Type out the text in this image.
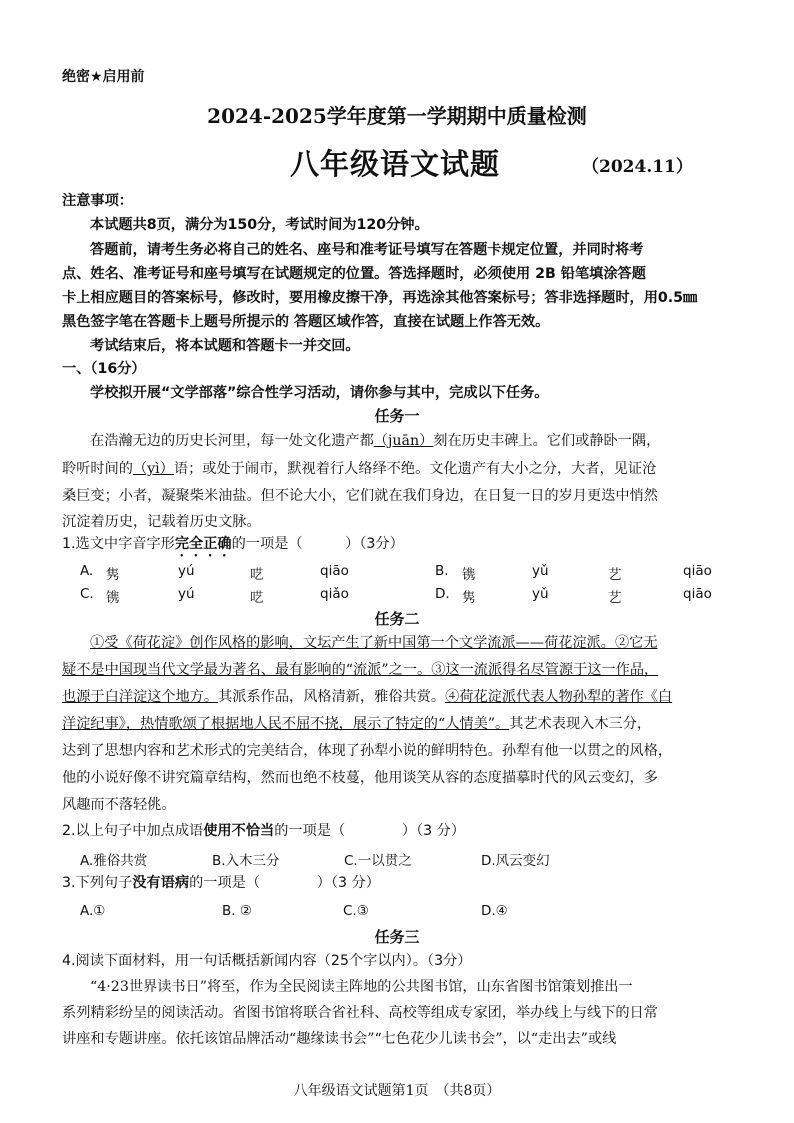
绝密★启用前
2024-2025学年度第一学期期中质量检测
八年级语文试题	（2024.11）
注意事项：
本试题共8页，满分为150分，考试时间为120分钟。
答题前，请考生务必将自己的姓名、座号和准考证号填写在答题卡规定位置，并同时将考
点、姓名、准考证号和座号填写在试题规定的位置。答选择题时，必须使用 2B 铅笔填涂答题
卡上相应题目的答案标号，修改时，要用橡皮擦干净，再选涂其他答案标号；答非选择题时，用0.5㎜
黑色签字笔在答题卡上题号所提示的 答题区域作答，直接在试题上作答无效。
考试结束后，将本试题和答题卡一并交回。
一、（16分）
学校拟开展“文学部落”综合性学习活动，请你参与其中，完成以下任务。
任务一
在浩瀚无边的历史长河里，每一处文化遗产都（juān）刻在历史丰碑上。它们或静卧一隅，
聆听时间的（yì）语；或处于闹市，默视着行人络绎不绝。文化遗产有大小之分，大者，见证沧
桑巨变；小者，凝聚柴米油盐。但不论大小，它们就在我们身边，在日复一日的岁月更迭中悄然
沉淀着历史，记载着历史文脉。
1.选文中字音字形完全正确的一项是（　　　）（3分）
A. 隽	yú	呓	qiāo	B. 镌	yǔ	艺	qiāo
C. 镌	yú	呓	qiǎo	D. 隽	yǔ	艺	qiāo
任务二
①受《荷花淀》创作风格的影响，文坛产生了新中国第一个文学流派——荷花淀派。②它无
疑不是中国现当代文学最为著名、最有影响的“流派”之一。③这一流派得名尽管源于这一作品，
也源于白洋淀这个地方。其派系作品，风格清新，雅俗共赏。④荷花淀派代表人物孙犁的著作《白
洋淀纪事》，热情歌颂了根据地人民不屈不挠，展示了特定的“人情美”。其艺术表现入木三分，
达到了思想内容和艺术形式的完美结合，体现了孙犁小说的鲜明特色。孙犁有他一以贯之的风格，
他的小说好像不讲究篇章结构，然而也绝不枝蔓，他用谈笑从容的态度描摹时代的风云变幻，多
风趣而不落轻佻。
2.以上句子中加点成语使用不恰当的一项是（　　　　）（3 分）
A.雅俗共赏	B.入木三分	C.一以贯之	D.风云变幻
3.下列句子没有语病的一项是（　　　　）（3 分）
A.①	B. ②	C.③	D.④
任务三
4.阅读下面材料，用一句话概括新闻内容（25个字以内）。（3分）
“4·23世界读书日”将至，作为全民阅读主阵地的公共图书馆，山东省图书馆策划推出一
系列精彩纷呈的阅读活动。省图书馆将联合省社科、高校等组成专家团，举办线上与线下的日常
讲座和专题讲座。依托该馆品牌活动“趣缘读书会”“七色花少儿读书会”，以“走出去”或线
八年级语文试题第1页　（共8页）
